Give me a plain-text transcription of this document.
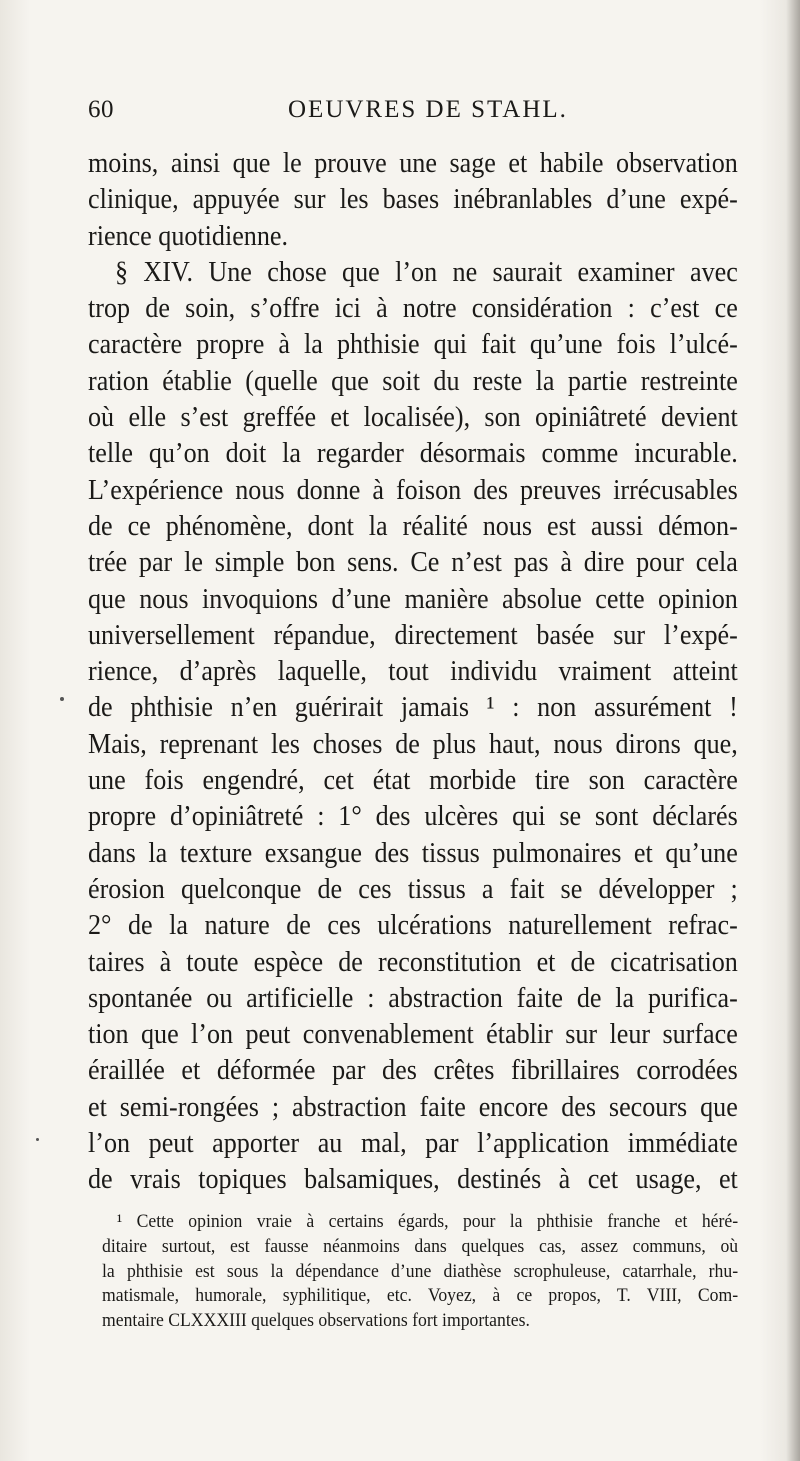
60	OEUVRES DE STAHL.
moins, ainsi que le prouve une sage et habile observation
clinique, appuyée sur les bases inébranlables d’une expé-
rience quotidienne.
§ XIV. Une chose que l’on ne saurait examiner avec
trop de soin, s’offre ici à notre considération : c’est ce
caractère propre à la phthisie qui fait qu’une fois l’ulcé-
ration établie (quelle que soit du reste la partie restreinte
où elle s’est greffée et localisée), son opiniâtreté devient
telle qu’on doit la regarder désormais comme incurable.
L’expérience nous donne à foison des preuves irrécusables
de ce phénomène, dont la réalité nous est aussi démon-
trée par le simple bon sens. Ce n’est pas à dire pour cela
que nous invoquions d’une manière absolue cette opinion
universellement répandue, directement basée sur l’expé-
rience, d’après laquelle, tout individu vraiment atteint
de phthisie n’en guérirait jamais ¹ : non assurément !
Mais, reprenant les choses de plus haut, nous dirons que,
une fois engendré, cet état morbide tire son caractère
propre d’opiniâtreté : 1° des ulcères qui se sont déclarés
dans la texture exsangue des tissus pulmonaires et qu’une
érosion quelconque de ces tissus a fait se développer ;
2° de la nature de ces ulcérations naturellement refrac-
taires à toute espèce de reconstitution et de cicatrisation
spontanée ou artificielle : abstraction faite de la purifica-
tion que l’on peut convenablement établir sur leur surface
éraillée et déformée par des crêtes fibrillaires corrodées
et semi-rongées ; abstraction faite encore des secours que
l’on peut apporter au mal, par l’application immédiate
de vrais topiques balsamiques, destinés à cet usage, et
¹ Cette opinion vraie à certains égards, pour la phthisie franche et héré-
ditaire surtout, est fausse néanmoins dans quelques cas, assez communs, où
la phthisie est sous la dépendance d’une diathèse scrophuleuse, catarrhale, rhu-
matismale, humorale, syphilitique, etc. Voyez, à ce propos, T. VIII, Com-
mentaire CLXXXIII quelques observations fort importantes.
